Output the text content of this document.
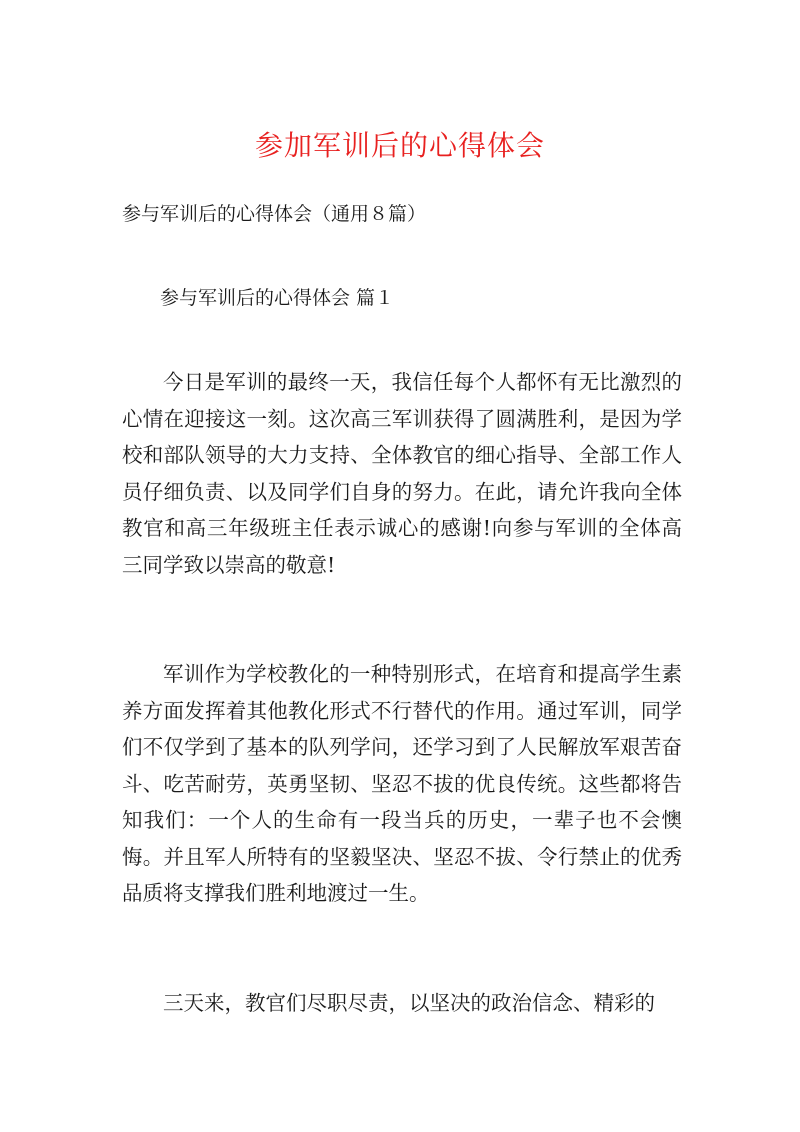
参加军训后的心得体会
参与军训后的心得体会（通用８篇）
参与军训后的心得体会 篇１

今日是军训的最终一天，我信任每个人都怀有无比激烈的心情在迎接这一刻。这次高三军训获得了圆满胜利，是因为学校和部队领导的大力支持、全体教官的细心指导、全部工作人员仔细负责、以及同学们自身的努力。在此，请允许我向全体教官和高三年级班主任表示诚心的感谢!向参与军训的全体高三同学致以崇高的敬意!

军训作为学校教化的一种特别形式，在培育和提高学生素养方面发挥着其他教化形式不行替代的作用。通过军训，同学们不仅学到了基本的队列学问，还学习到了人民解放军艰苦奋斗、吃苦耐劳，英勇坚韧、坚忍不拔的优良传统。这些都将告知我们：一个人的生命有一段当兵的历史，一辈子也不会懊悔。并且军人所特有的坚毅坚决、坚忍不拔、令行禁止的优秀品质将支撑我们胜利地渡过一生。

三天来，教官们尽职尽责，以坚决的政治信念、精彩的
